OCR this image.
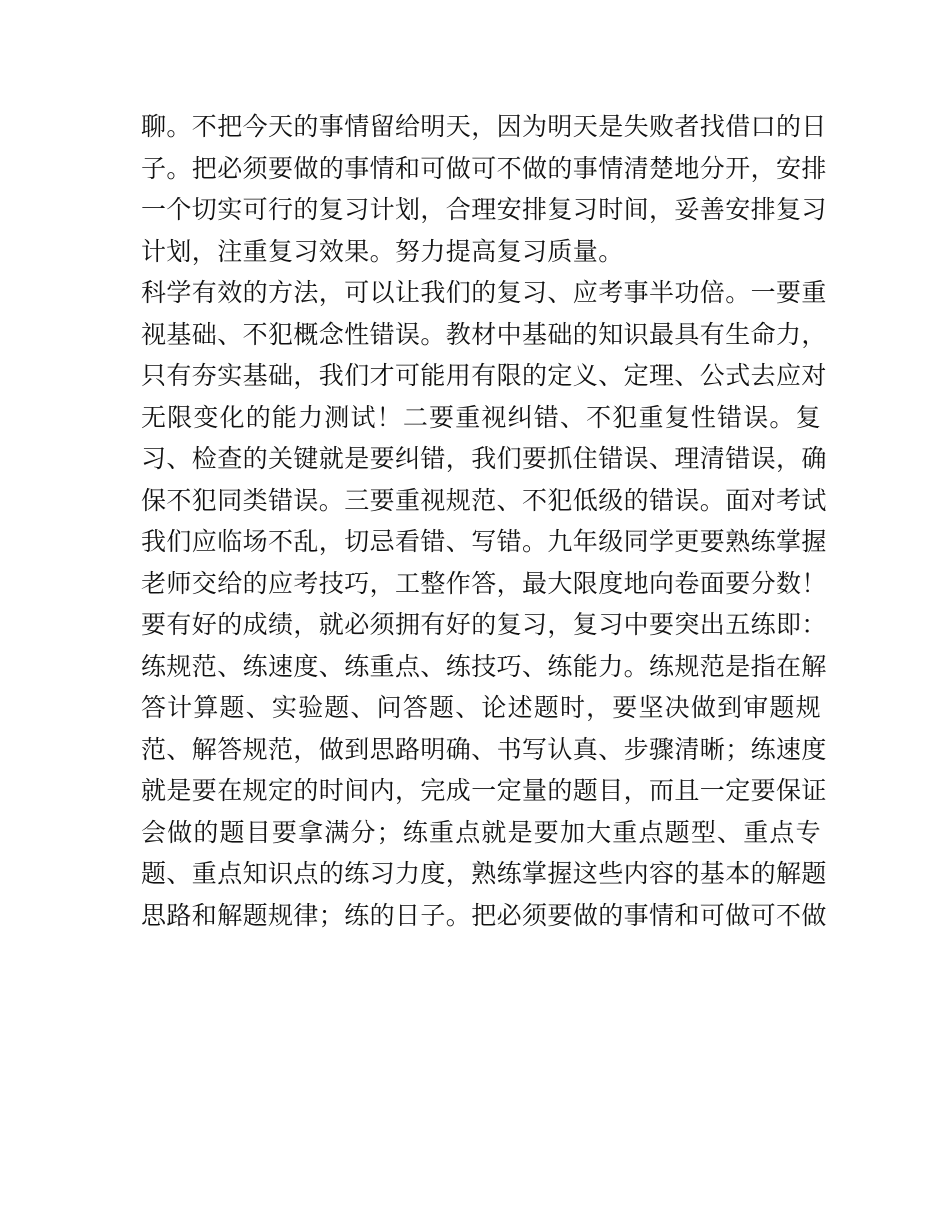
聊。不把今天的事情留给明天，因为明天是失败者找借口的日
子。把必须要做的事情和可做可不做的事情清楚地分开，安排
一个切实可行的复习计划，合理安排复习时间，妥善安排复习
计划，注重复习效果。努力提高复习质量。
科学有效的方法，可以让我们的复习、应考事半功倍。一要重
视基础、不犯概念性错误。教材中基础的知识最具有生命力，
只有夯实基础，我们才可能用有限的定义、定理、公式去应对
无限变化的能力测试！二要重视纠错、不犯重复性错误。复
习、检查的关键就是要纠错，我们要抓住错误、理清错误，确
保不犯同类错误。三要重视规范、不犯低级的错误。面对考试
我们应临场不乱，切忌看错、写错。九年级同学更要熟练掌握
老师交给的应考技巧，工整作答，最大限度地向卷面要分数！
要有好的成绩，就必须拥有好的复习，复习中要突出五练即：
练规范、练速度、练重点、练技巧、练能力。练规范是指在解
答计算题、实验题、问答题、论述题时，要坚决做到审题规
范、解答规范，做到思路明确、书写认真、步骤清晰；练速度
就是要在规定的时间内，完成一定量的题目，而且一定要保证
会做的题目要拿满分；练重点就是要加大重点题型、重点专
题、重点知识点的练习力度，熟练掌握这些内容的基本的解题
思路和解题规律；练的日子。把必须要做的事情和可做可不做
